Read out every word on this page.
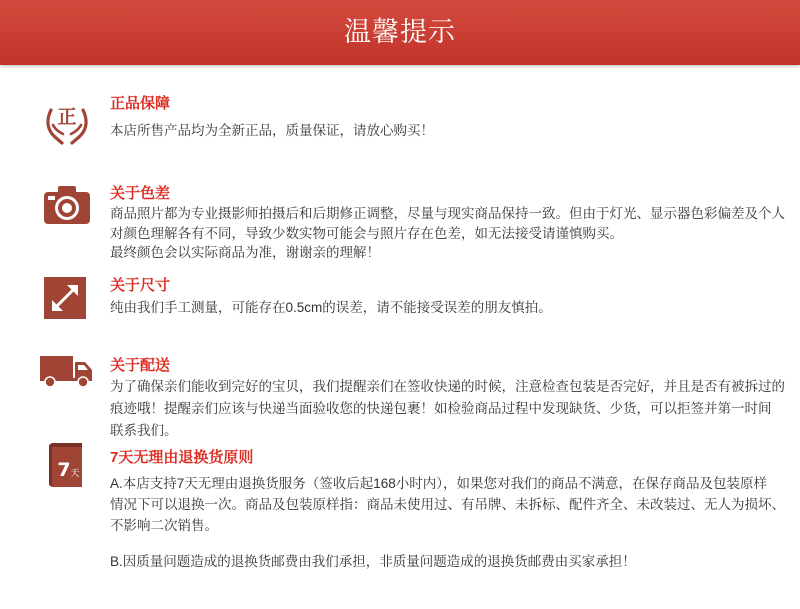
温馨提示
正
正品保障
本店所售产品均为全新正品，质量保证，请放心购买！
关于色差
商品照片都为专业摄影师拍摄后和后期修正调整，尽量与现实商品保持一致。但由于灯光、显示器色彩偏差及个人
对颜色理解各有不同，导致少数实物可能会与照片存在色差，如无法接受请谨慎购买。
最终颜色会以实际商品为准，谢谢亲的理解！
关于尺寸
纯由我们手工测量，可能存在0.5cm的误差，请不能接受误差的朋友慎拍。
关于配送
为了确保亲们能收到完好的宝贝，我们提醒亲们在签收快递的时候，注意检查包装是否完好，并且是否有被拆过的
痕迹哦！提醒亲们应该与快递当面验收您的快递包裹！如检验商品过程中发现缺货、少货，可以拒签并第一时间
联系我们。
7 天
7天无理由退换货原则
A.本店支持7天无理由退换货服务（签收后起168小时内），如果您对我们的商品不满意，在保存商品及包装原样
情况下可以退换一次。商品及包装原样指：商品未使用过、有吊牌、未拆标、配件齐全、未改装过、无人为损坏、
不影响二次销售。
B.因质量问题造成的退换货邮费由我们承担，非质量问题造成的退换货邮费由买家承担！
